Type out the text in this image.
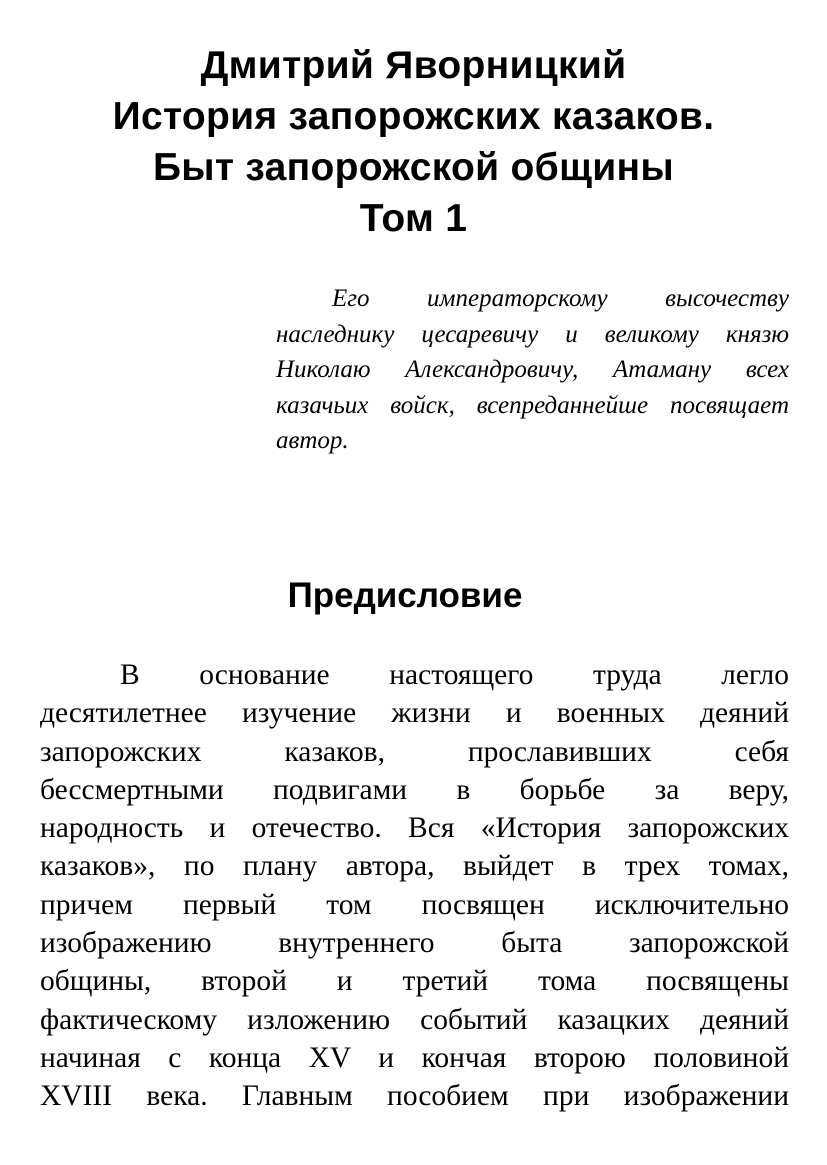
Дмитрий Яворницкий
История запорожских казаков.
Быт запорожской общины
Том 1
Его императорскому высочеству наследнику цесаревичу и великому князю Николаю Александровичу, Атаману всех казачьих войск, всепреданнейше посвящает автор.
Предисловие
В основание настоящего труда легло
десятилетнее изучение жизни и военных деяний
запорожских казаков, прославивших себя
бессмертными подвигами в борьбе за веру,
народность и отечество. Вся «История запорожских
казаков», по плану автора, выйдет в трех томах,
причем первый том посвящен исключительно
изображению внутреннего быта запорожской
общины, второй и третий тома посвящены
фактическому изложению событий казацких деяний
начиная с конца XV и кончая второю половиной
XVIII века. Главным пособием при изображении
